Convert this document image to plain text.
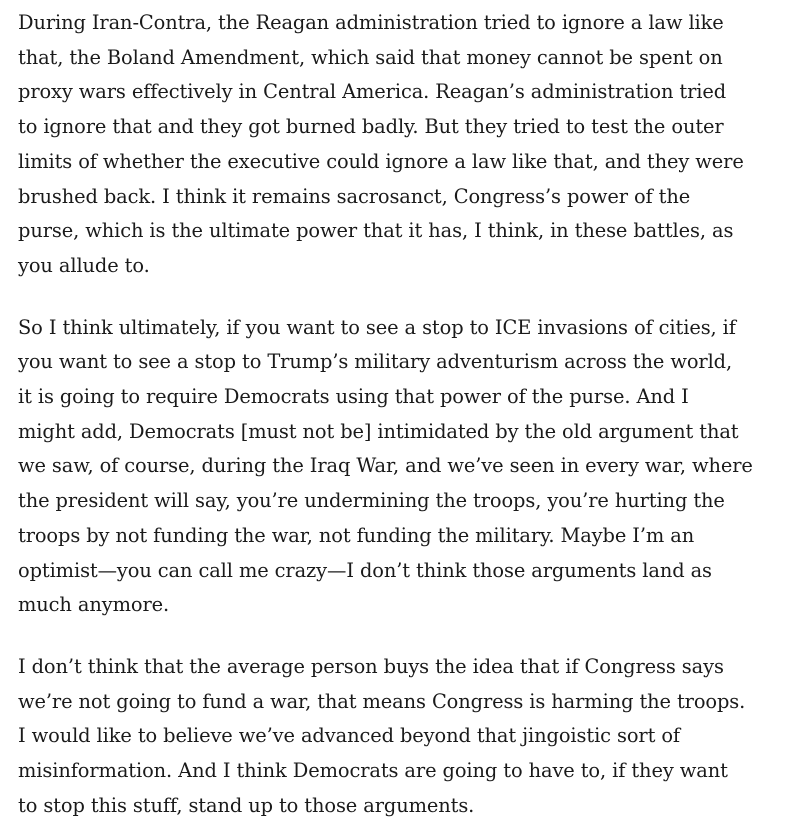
During Iran-Contra, the Reagan administration tried to ignore a law like
that, the Boland Amendment, which said that money cannot be spent on
proxy wars effectively in Central America. Reagan’s administration tried
to ignore that and they got burned badly. But they tried to test the outer
limits of whether the executive could ignore a law like that, and they were
brushed back. I think it remains sacrosanct, Congress’s power of the
purse, which is the ultimate power that it has, I think, in these battles, as
you allude to.

So I think ultimately, if you want to see a stop to ICE invasions of cities, if
you want to see a stop to Trump’s military adventurism across the world,
it is going to require Democrats using that power of the purse. And I
might add, Democrats [must not be] intimidated by the old argument that
we saw, of course, during the Iraq War, and we’ve seen in every war, where
the president will say, you’re undermining the troops, you’re hurting the
troops by not funding the war, not funding the military. Maybe I’m an
optimist—you can call me crazy—I don’t think those arguments land as
much anymore.

I don’t think that the average person buys the idea that if Congress says
we’re not going to fund a war, that means Congress is harming the troops.
I would like to believe we’ve advanced beyond that jingoistic sort of
misinformation. And I think Democrats are going to have to, if they want
to stop this stuff, stand up to those arguments.
